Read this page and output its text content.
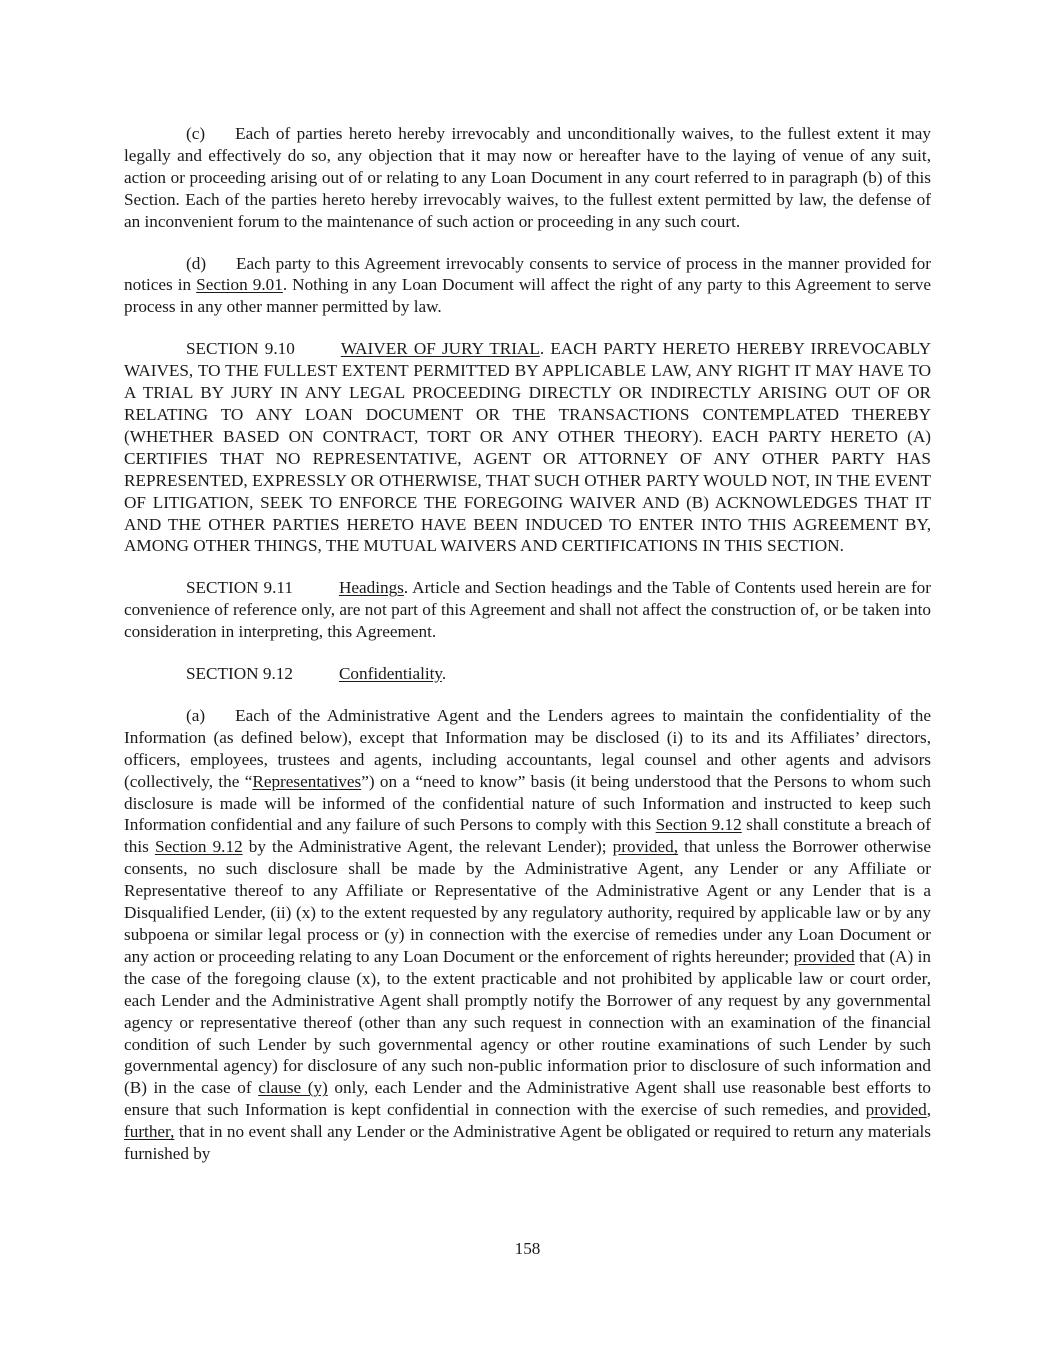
(c) Each of parties hereto hereby irrevocably and unconditionally waives, to the fullest extent it may legally and effectively do so, any objection that it may now or hereafter have to the laying of venue of any suit, action or proceeding arising out of or relating to any Loan Document in any court referred to in paragraph (b) of this Section. Each of the parties hereto hereby irrevocably waives, to the fullest extent permitted by law, the defense of an inconvenient forum to the maintenance of such action or proceeding in any such court.

(d) Each party to this Agreement irrevocably consents to service of process in the manner provided for notices in Section 9.01. Nothing in any Loan Document will affect the right of any party to this Agreement to serve process in any other manner permitted by law.

SECTION 9.10	WAIVER OF JURY TRIAL. EACH PARTY HERETO HEREBY IRREVOCABLY WAIVES, TO THE FULLEST EXTENT PERMITTED BY APPLICABLE LAW, ANY RIGHT IT MAY HAVE TO A TRIAL BY JURY IN ANY LEGAL PROCEEDING DIRECTLY OR INDIRECTLY ARISING OUT OF OR RELATING TO ANY LOAN DOCUMENT OR THE TRANSACTIONS CONTEMPLATED THEREBY (WHETHER BASED ON CONTRACT, TORT OR ANY OTHER THEORY). EACH PARTY HERETO (A) CERTIFIES THAT NO REPRESENTATIVE, AGENT OR ATTORNEY OF ANY OTHER PARTY HAS REPRESENTED, EXPRESSLY OR OTHERWISE, THAT SUCH OTHER PARTY WOULD NOT, IN THE EVENT OF LITIGATION, SEEK TO ENFORCE THE FOREGOING WAIVER AND (B) ACKNOWLEDGES THAT IT AND THE OTHER PARTIES HERETO HAVE BEEN INDUCED TO ENTER INTO THIS AGREEMENT BY, AMONG OTHER THINGS, THE MUTUAL WAIVERS AND CERTIFICATIONS IN THIS SECTION.

SECTION 9.11	Headings. Article and Section headings and the Table of Contents used herein are for convenience of reference only, are not part of this Agreement and shall not affect the construction of, or be taken into consideration in interpreting, this Agreement.

SECTION 9.12	Confidentiality.

(a) Each of the Administrative Agent and the Lenders agrees to maintain the confidentiality of the Information (as defined below), except that Information may be disclosed (i) to its and its Affiliates’ directors, officers, employees, trustees and agents, including accountants, legal counsel and other agents and advisors (collectively, the “Representatives”) on a “need to know” basis (it being understood that the Persons to whom such disclosure is made will be informed of the confidential nature of such Information and instructed to keep such Information confidential and any failure of such Persons to comply with this Section 9.12 shall constitute a breach of this Section 9.12 by the Administrative Agent, the relevant Lender); provided, that unless the Borrower otherwise consents, no such disclosure shall be made by the Administrative Agent, any Lender or any Affiliate or Representative thereof to any Affiliate or Representative of the Administrative Agent or any Lender that is a Disqualified Lender, (ii) (x) to the extent requested by any regulatory authority, required by applicable law or by any subpoena or similar legal process or (y) in connection with the exercise of remedies under any Loan Document or any action or proceeding relating to any Loan Document or the enforcement of rights hereunder; provided that (A) in the case of the foregoing clause (x), to the extent practicable and not prohibited by applicable law or court order, each Lender and the Administrative Agent shall promptly notify the Borrower of any request by any governmental agency or representative thereof (other than any such request in connection with an examination of the financial condition of such Lender by such governmental agency or other routine examinations of such Lender by such governmental agency) for disclosure of any such non-public information prior to disclosure of such information and (B) in the case of clause (y) only, each Lender and the Administrative Agent shall use reasonable best efforts to ensure that such Information is kept confidential in connection with the exercise of such remedies, and provided, further, that in no event shall any Lender or the Administrative Agent be obligated or required to return any materials furnished by

158
